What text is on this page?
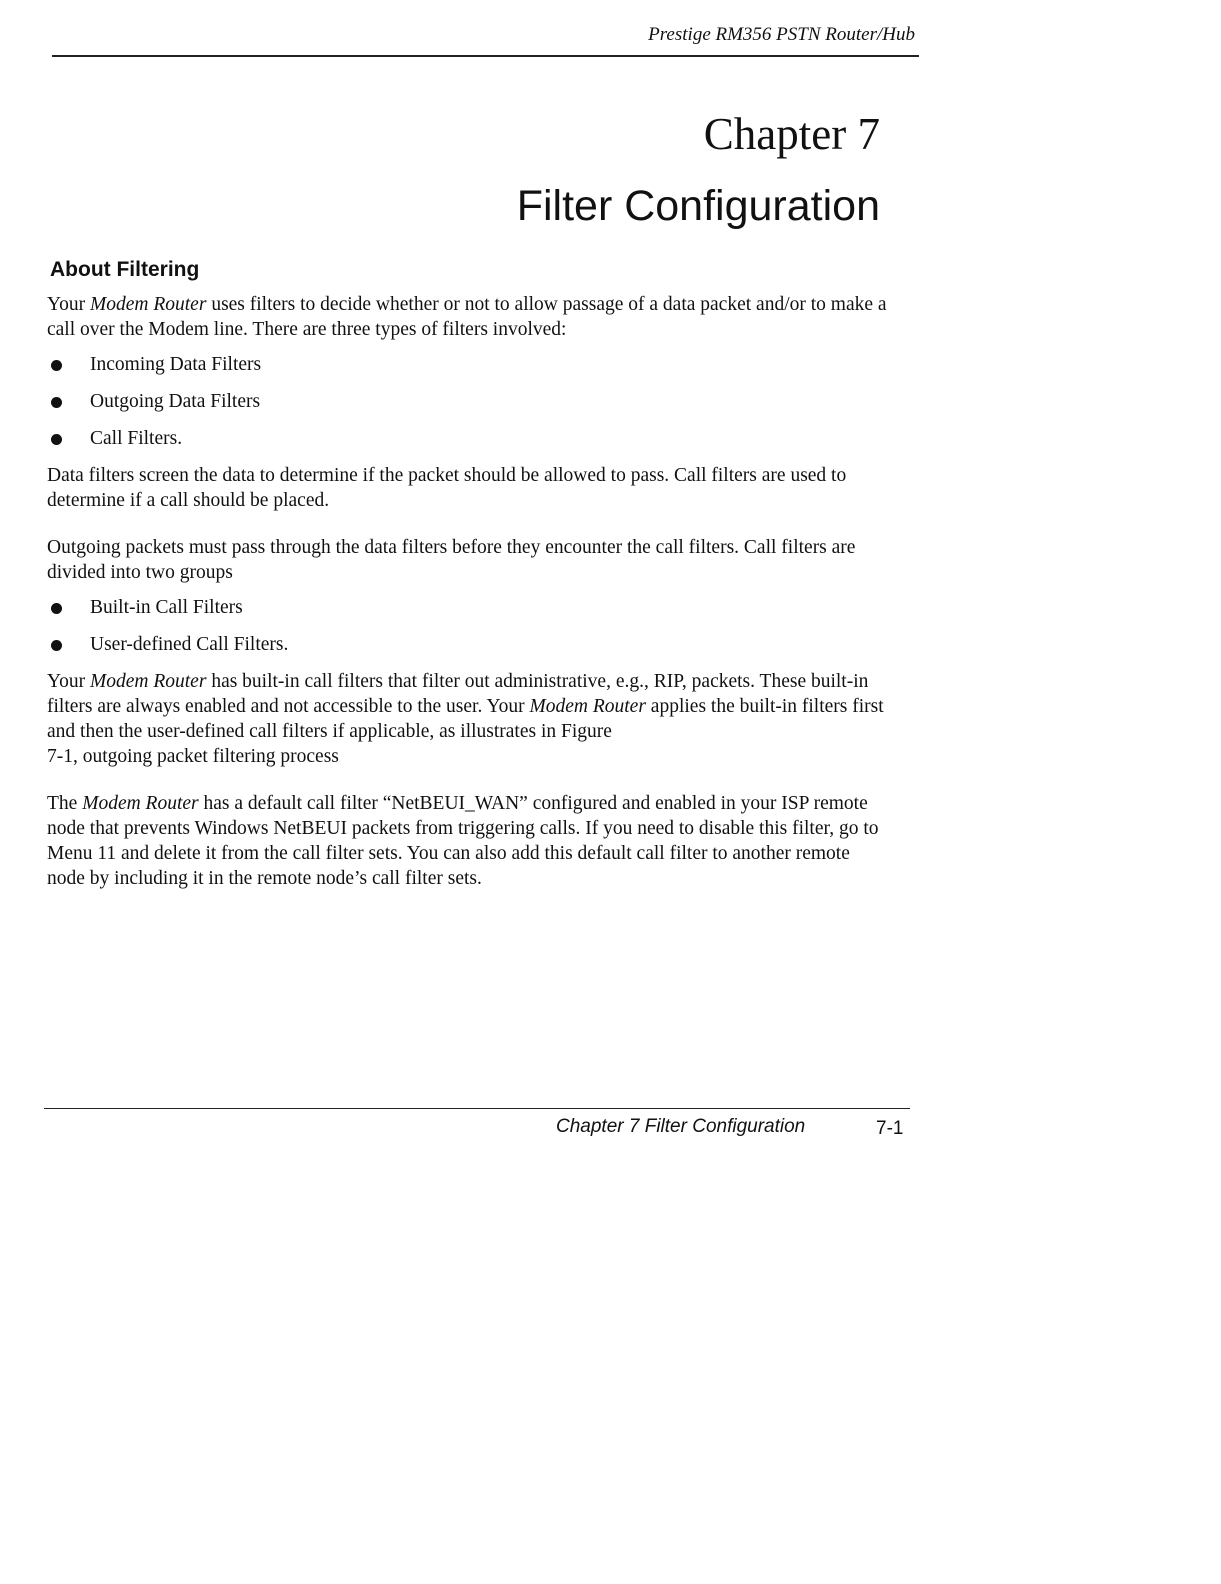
Prestige RM356 PSTN Router/Hub
Chapter 7
Filter Configuration
About Filtering

Your Modem Router uses filters to decide whether or not to allow passage of a data packet and/or to make a call over the Modem line. There are three types of filters involved:

Incoming Data Filters
Outgoing Data Filters
Call Filters.

Data filters screen the data to determine if the packet should be allowed to pass. Call filters are used to determine if a call should be placed.

Outgoing packets must pass through the data filters before they encounter the call filters. Call filters are divided into two groups

Built-in Call Filters
User-defined Call Filters.

Your Modem Router has built-in call filters that filter out administrative, e.g., RIP, packets. These built-in filters are always enabled and not accessible to the user. Your Modem Router applies the built-in filters first and then the user-defined call filters if applicable, as illustrates in Figure
7-1, outgoing packet filtering process

The Modem Router has a default call filter “NetBEUI_WAN” configured and enabled in your ISP remote node that prevents Windows NetBEUI packets from triggering calls. If you need to disable this filter, go to Menu 11 and delete it from the call filter sets. You can also add this default call filter to another remote node by including it in the remote node’s call filter sets.

Chapter 7 Filter Configuration	7-1
